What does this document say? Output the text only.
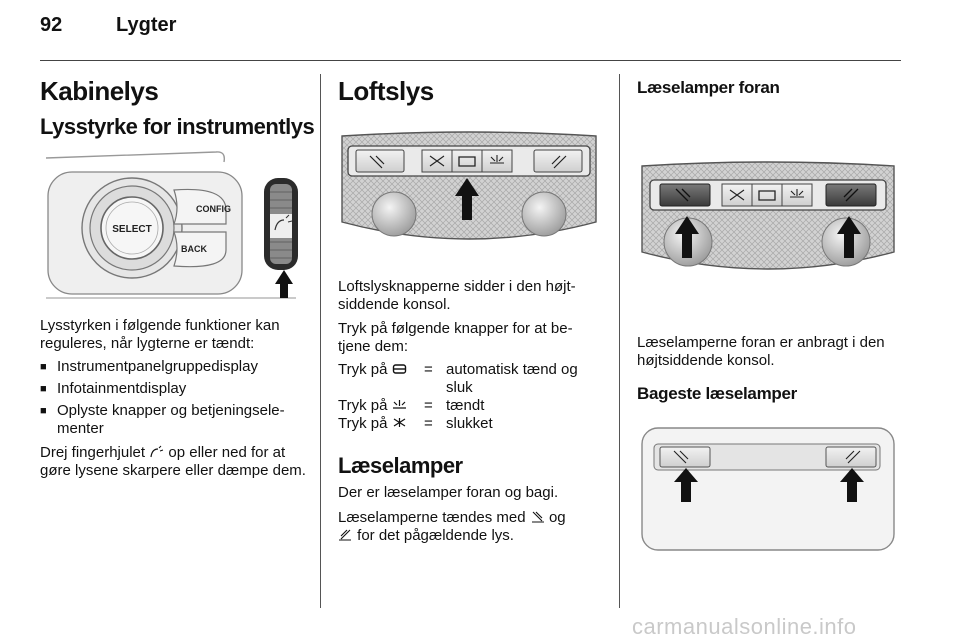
92	Lygter
Kabinelys
Lysstyrke for instrumentlys
SELECT
CONFIG
BACK
Lysstyrken i følgende funktioner kan reguleres, når lygterne er tændt:
■ Instrumentpanelgruppedisplay
■ Infotainmentdisplay
■ Oplyste knapper og betjeningsele‐ menter
Drej fingerhjulet op eller ned for at gøre lysene skarpere eller dæmpe dem.
Loftslys
Loftslysknapperne sidder i den højt‐ siddende konsol.
Tryk på følgende knapper for at be‐ tjene dem:
Tryk på	=	automatisk tænd og sluk
Tryk på	=	tændt
Tryk på	=	slukket
Læselamper
Der er læselamper foran og bagi.
Læselamperne tændes med og
for det pågældende lys.
Læselamper foran
Læselamperne foran er anbragt i den højtsiddende konsol.
Bageste læselamper
carmanualsonline.info
